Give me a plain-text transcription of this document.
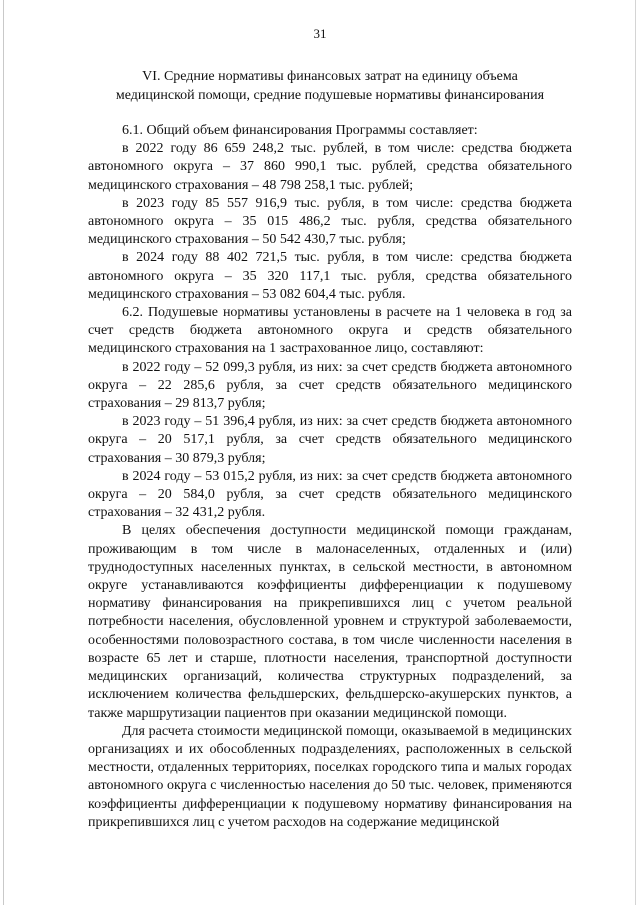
31
VI. Средние нормативы финансовых затрат на единицу объема
медицинской помощи, средние подушевые нормативы финансирования

6.1. Общий объем финансирования Программы составляет:

в 2022 году 86 659 248,2 тыс. рублей, в том числе: средства бюджета автономного округа – 37 860 990,1 тыс. рублей, средства обязательного медицинского страхования – 48 798 258,1 тыс. рублей;

в 2023 году 85 557 916,9 тыс. рубля, в том числе: средства бюджета автономного округа – 35 015 486,2 тыс. рубля, средства обязательного медицинского страхования – 50 542 430,7 тыс. рубля;

в 2024 году 88 402 721,5 тыс. рубля, в том числе: средства бюджета автономного округа – 35 320 117,1 тыс. рубля, средства обязательного медицинского страхования – 53 082 604,4 тыс. рубля.

6.2. Подушевые нормативы установлены в расчете на 1 человека в год за счет средств бюджета автономного округа и средств обязательного медицинского страхования на 1 застрахованное лицо, составляют:

в 2022 году – 52 099,3 рубля, из них: за счет средств бюджета автономного округа – 22 285,6 рубля, за счет средств обязательного медицинского страхования – 29 813,7 рубля;

в 2023 году – 51 396,4 рубля, из них: за счет средств бюджета автономного округа – 20 517,1 рубля, за счет средств обязательного медицинского страхования – 30 879,3 рубля;

в 2024 году – 53 015,2 рубля, из них: за счет средств бюджета автономного округа – 20 584,0 рубля, за счет средств обязательного медицинского страхования – 32 431,2 рубля.

В целях обеспечения доступности медицинской помощи гражданам, проживающим в том числе в малонаселенных, отдаленных и (или) труднодоступных населенных пунктах, в сельской местности, в автономном округе устанавливаются коэффициенты дифференциации к подушевому нормативу финансирования на прикрепившихся лиц с учетом реальной потребности населения, обусловленной уровнем и структурой заболеваемости, особенностями половозрастного состава, в том числе численности населения в возрасте 65 лет и старше, плотности населения, транспортной доступности медицинских организаций, количества структурных подразделений, за исключением количества фельдшерских, фельдшерско-акушерских пунктов, а также маршрутизации пациентов при оказании медицинской помощи.

Для расчета стоимости медицинской помощи, оказываемой в медицинских организациях и их обособленных подразделениях, расположенных в сельской местности, отдаленных территориях, поселках городского типа и малых городах автономного округа с численностью населения до 50 тыс. человек, применяются коэффициенты дифференциации к подушевому нормативу финансирования на прикрепившихся лиц с учетом расходов на содержание медицинской
